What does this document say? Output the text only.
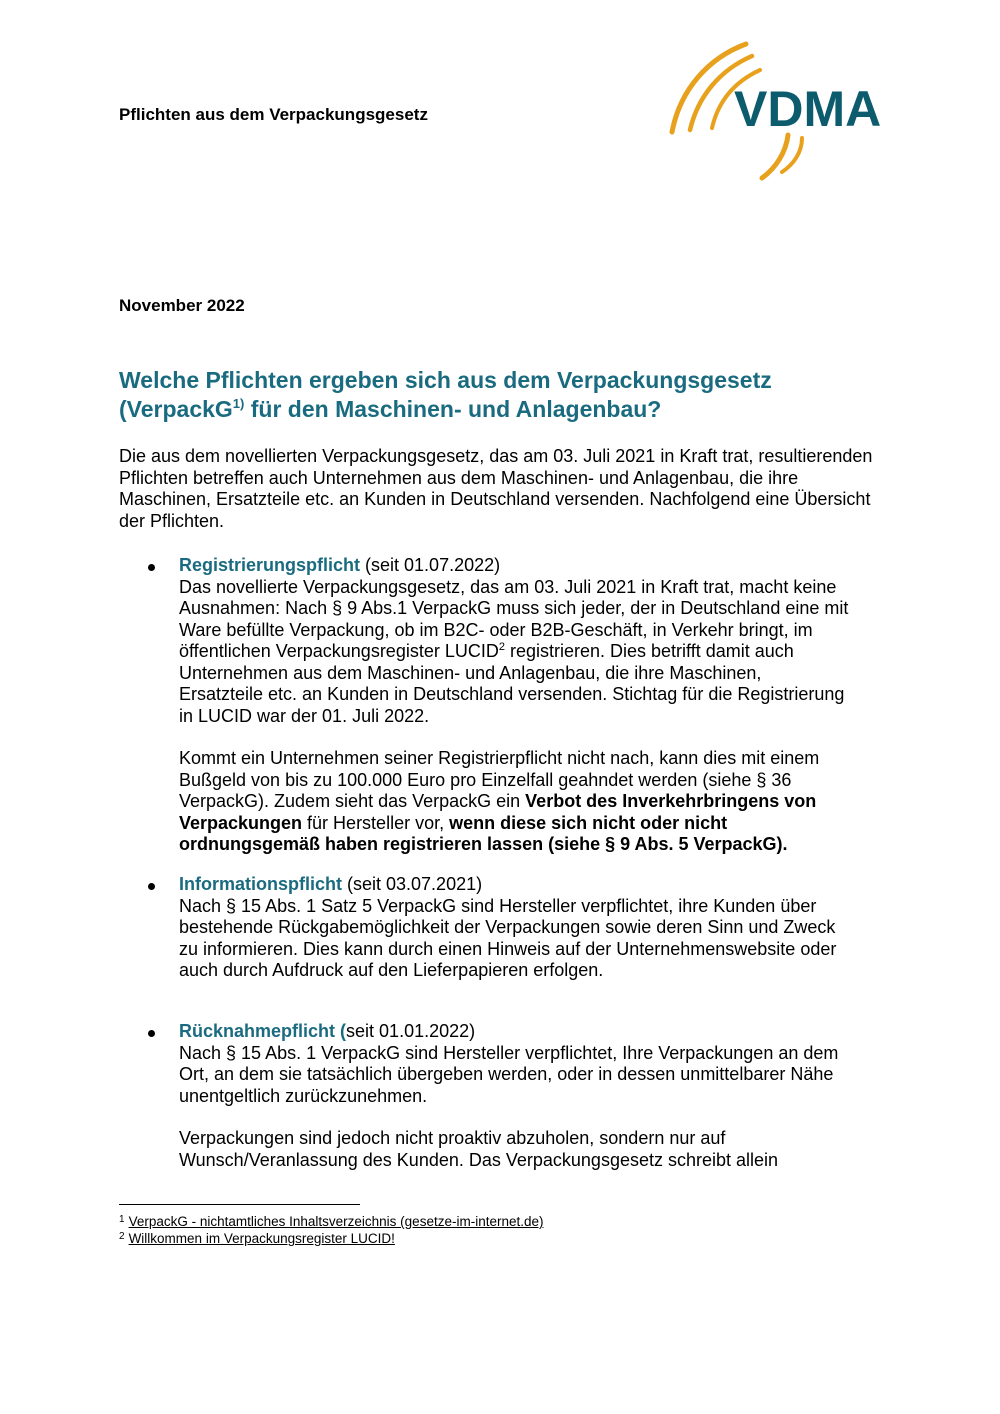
Pflichten aus dem Verpackungsgesetz	VDMA
November 2022
Welche Pflichten ergeben sich aus dem Verpackungsgesetz
(VerpackG$^{1)}$ für den Maschinen- und Anlagenbau?
Die aus dem novellierten Verpackungsgesetz, das am 03. Juli 2021 in Kraft trat, resultierenden Pflichten betreffen auch Unternehmen aus dem Maschinen- und Anlagenbau, die ihre Maschinen, Ersatzteile etc. an Kunden in Deutschland versenden. Nachfolgend eine Übersicht der Pflichten.
Registrierungspflicht (seit 01.07.2022)

Das novellierte Verpackungsgesetz, das am 03. Juli 2021 in Kraft trat, macht keine Ausnahmen: Nach § 9 Abs.1 VerpackG muss sich jeder, der in Deutschland eine mit Ware befüllte Verpackung, ob im B2C- oder B2B-Geschäft, in Verkehr bringt, im öffentlichen Verpackungsregister LUCID$^2$ registrieren. Dies betrifft damit auch Unternehmen aus dem Maschinen- und Anlagenbau, die ihre Maschinen, Ersatzteile etc. an Kunden in Deutschland versenden. Stichtag für die Registrierung in LUCID war der 01. Juli 2022.

Kommt ein Unternehmen seiner Registrierpflicht nicht nach, kann dies mit einem Bußgeld von bis zu 100.000 Euro pro Einzelfall geahndet werden (siehe § 36 VerpackG). Zudem sieht das VerpackG ein Verbot des Inverkehrbringens von Verpackungen für Hersteller vor, wenn diese sich nicht oder nicht ordnungsgemäß haben registrieren lassen (siehe § 9 Abs. 5 VerpackG).

Informationspflicht (seit 03.07.2021)

Nach § 15 Abs. 1 Satz 5 VerpackG sind Hersteller verpflichtet, ihre Kunden über bestehende Rückgabemöglichkeit der Verpackungen sowie deren Sinn und Zweck zu informieren. Dies kann durch einen Hinweis auf der Unternehmenswebsite oder auch durch Aufdruck auf den Lieferpapieren erfolgen.

Rücknahmepflicht (seit 01.01.2022)

Nach § 15 Abs. 1 VerpackG sind Hersteller verpflichtet, Ihre Verpackungen an dem Ort, an dem sie tatsächlich übergeben werden, oder in dessen unmittelbarer Nähe unentgeltlich zurückzunehmen.

Verpackungen sind jedoch nicht proaktiv abzuholen, sondern nur auf Wunsch/Veranlassung des Kunden. Das Verpackungsgesetz schreibt allein

$^1$ VerpackG - nichtamtliches Inhaltsverzeichnis (gesetze-im-internet.de)
$^2$ Willkommen im Verpackungsregister LUCID!
